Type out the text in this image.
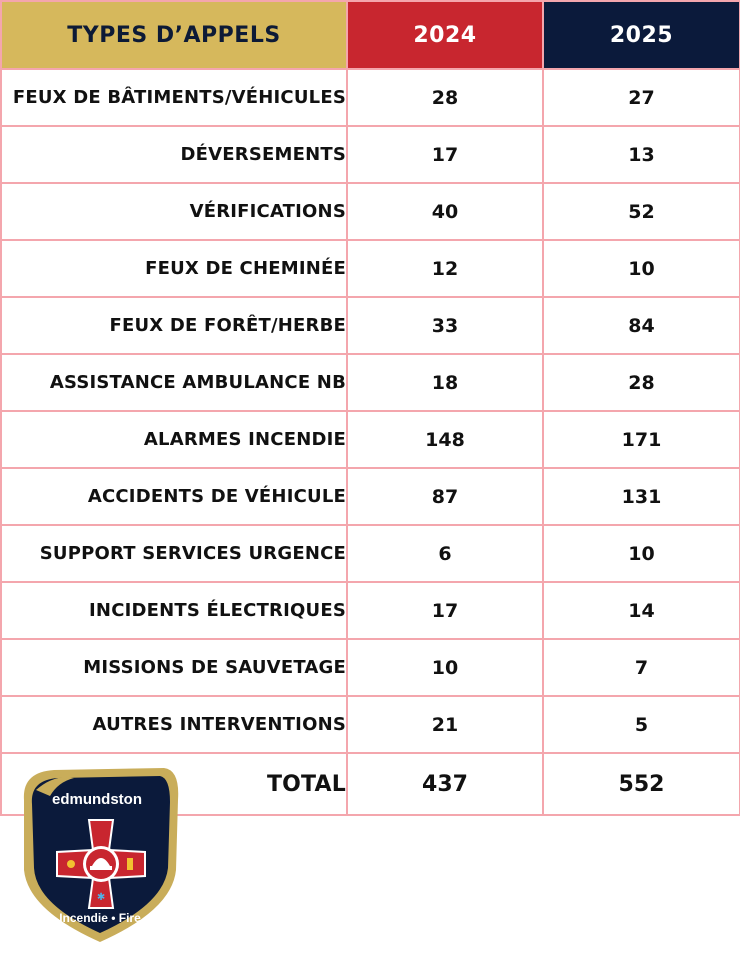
TYPES D’APPELS	2024	2025
FEUX DE BÂTIMENTS/VÉHICULES	28	27
DÉVERSEMENTS	17	13
VÉRIFICATIONS	40	52
FEUX DE CHEMINÉE	12	10
FEUX DE FORÊT/HERBE	33	84
ASSISTANCE AMBULANCE NB	18	28
ALARMES INCENDIE	148	171
ACCIDENTS DE VÉHICULE	87	131
SUPPORT SERVICES URGENCE	6	10
INCIDENTS ÉLECTRIQUES	17	14
MISSIONS DE SAUVETAGE	10	7
AUTRES INTERVENTIONS	21	5
TOTAL	437	552
edmundston
✱
Incendie • Fire
